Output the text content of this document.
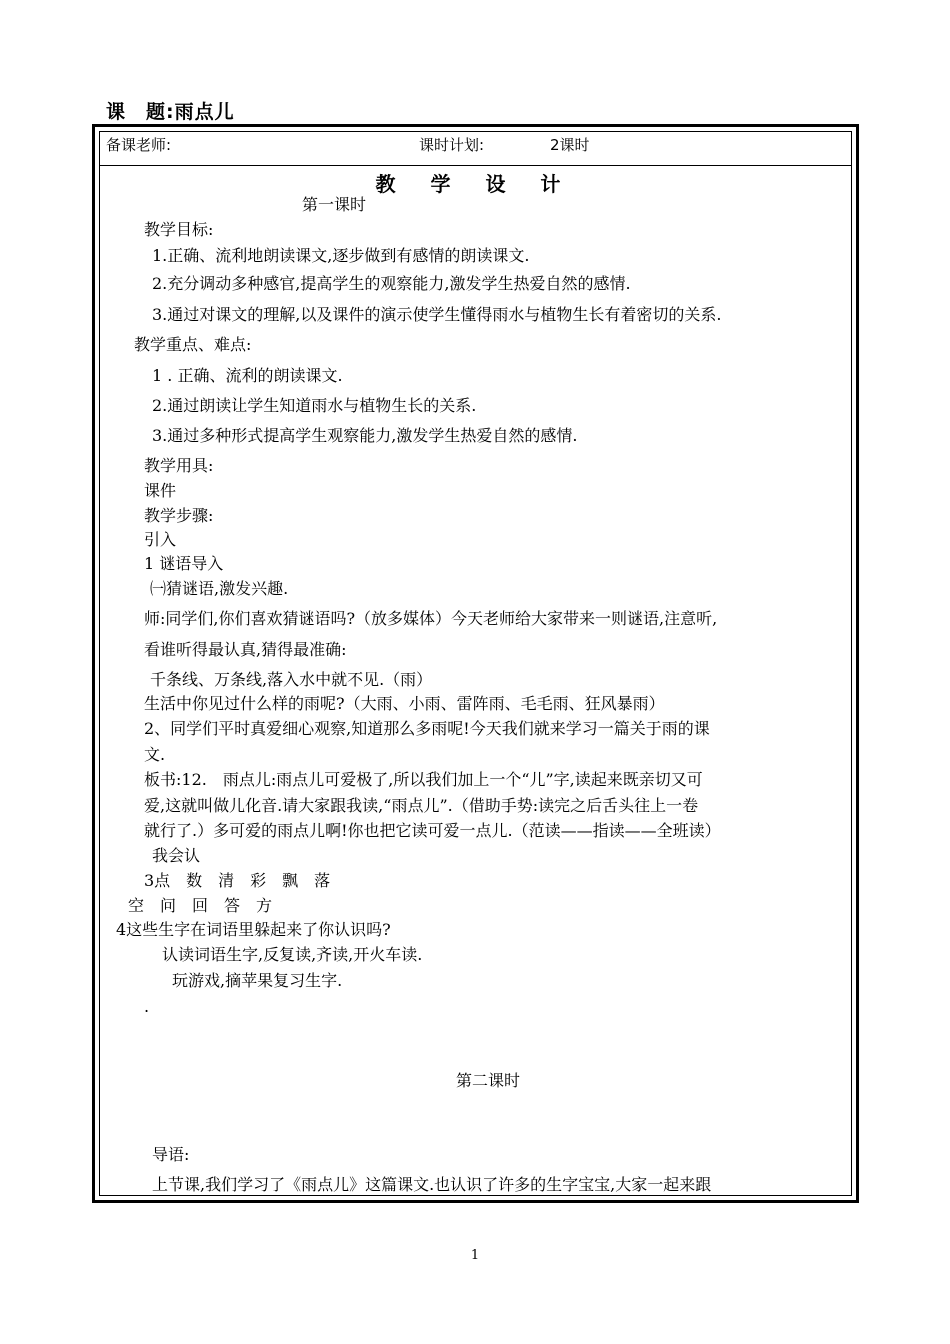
课　题:雨点儿
备课老师:	课时计划:	2课时
教 学 设 计
第一课时
教学目标:
1.正确、流利地朗读课文,逐步做到有感情的朗读课文.
2.充分调动多种感官,提高学生的观察能力,激发学生热爱自然的感情.
3.通过对课文的理解,以及课件的演示使学生懂得雨水与植物生长有着密切的关系.
教学重点、难点:
1 . 正确、流利的朗读课文.
2.通过朗读让学生知道雨水与植物生长的关系.
3.通过多种形式提高学生观察能力,激发学生热爱自然的感情.
教学用具:
课件
教学步骤:
引入
1 谜语导入
㈠猜谜语,激发兴趣.
师:同学们,你们喜欢猜谜语吗?（放多媒体）今天老师给大家带来一则谜语,注意听,
看谁听得最认真,猜得最准确:
千条线、万条线,落入水中就不见.（雨）
生活中你见过什么样的雨呢?（大雨、小雨、雷阵雨、毛毛雨、狂风暴雨）
2、同学们平时真爱细心观察,知道那么多雨呢!今天我们就来学习一篇关于雨的课
文.
板书:12.　雨点儿:雨点儿可爱极了,所以我们加上一个“儿”字,读起来既亲切又可
爱,这就叫做儿化音.请大家跟我读,“雨点儿”.（借助手势:读完之后舌头往上一卷
就行了.）多可爱的雨点儿啊!你也把它读可爱一点儿.（范读——指读——全班读）
我会认
3点　数　清　彩　飘　落
空　问　回　答　方
4这些生字在词语里躲起来了你认识吗?
认读词语生字,反复读,齐读,开火车读.
玩游戏,摘苹果复习生字.
.
第二课时
导语:
上节课,我们学习了《雨点儿》这篇课文.也认识了许多的生字宝宝,大家一起来跟
1
